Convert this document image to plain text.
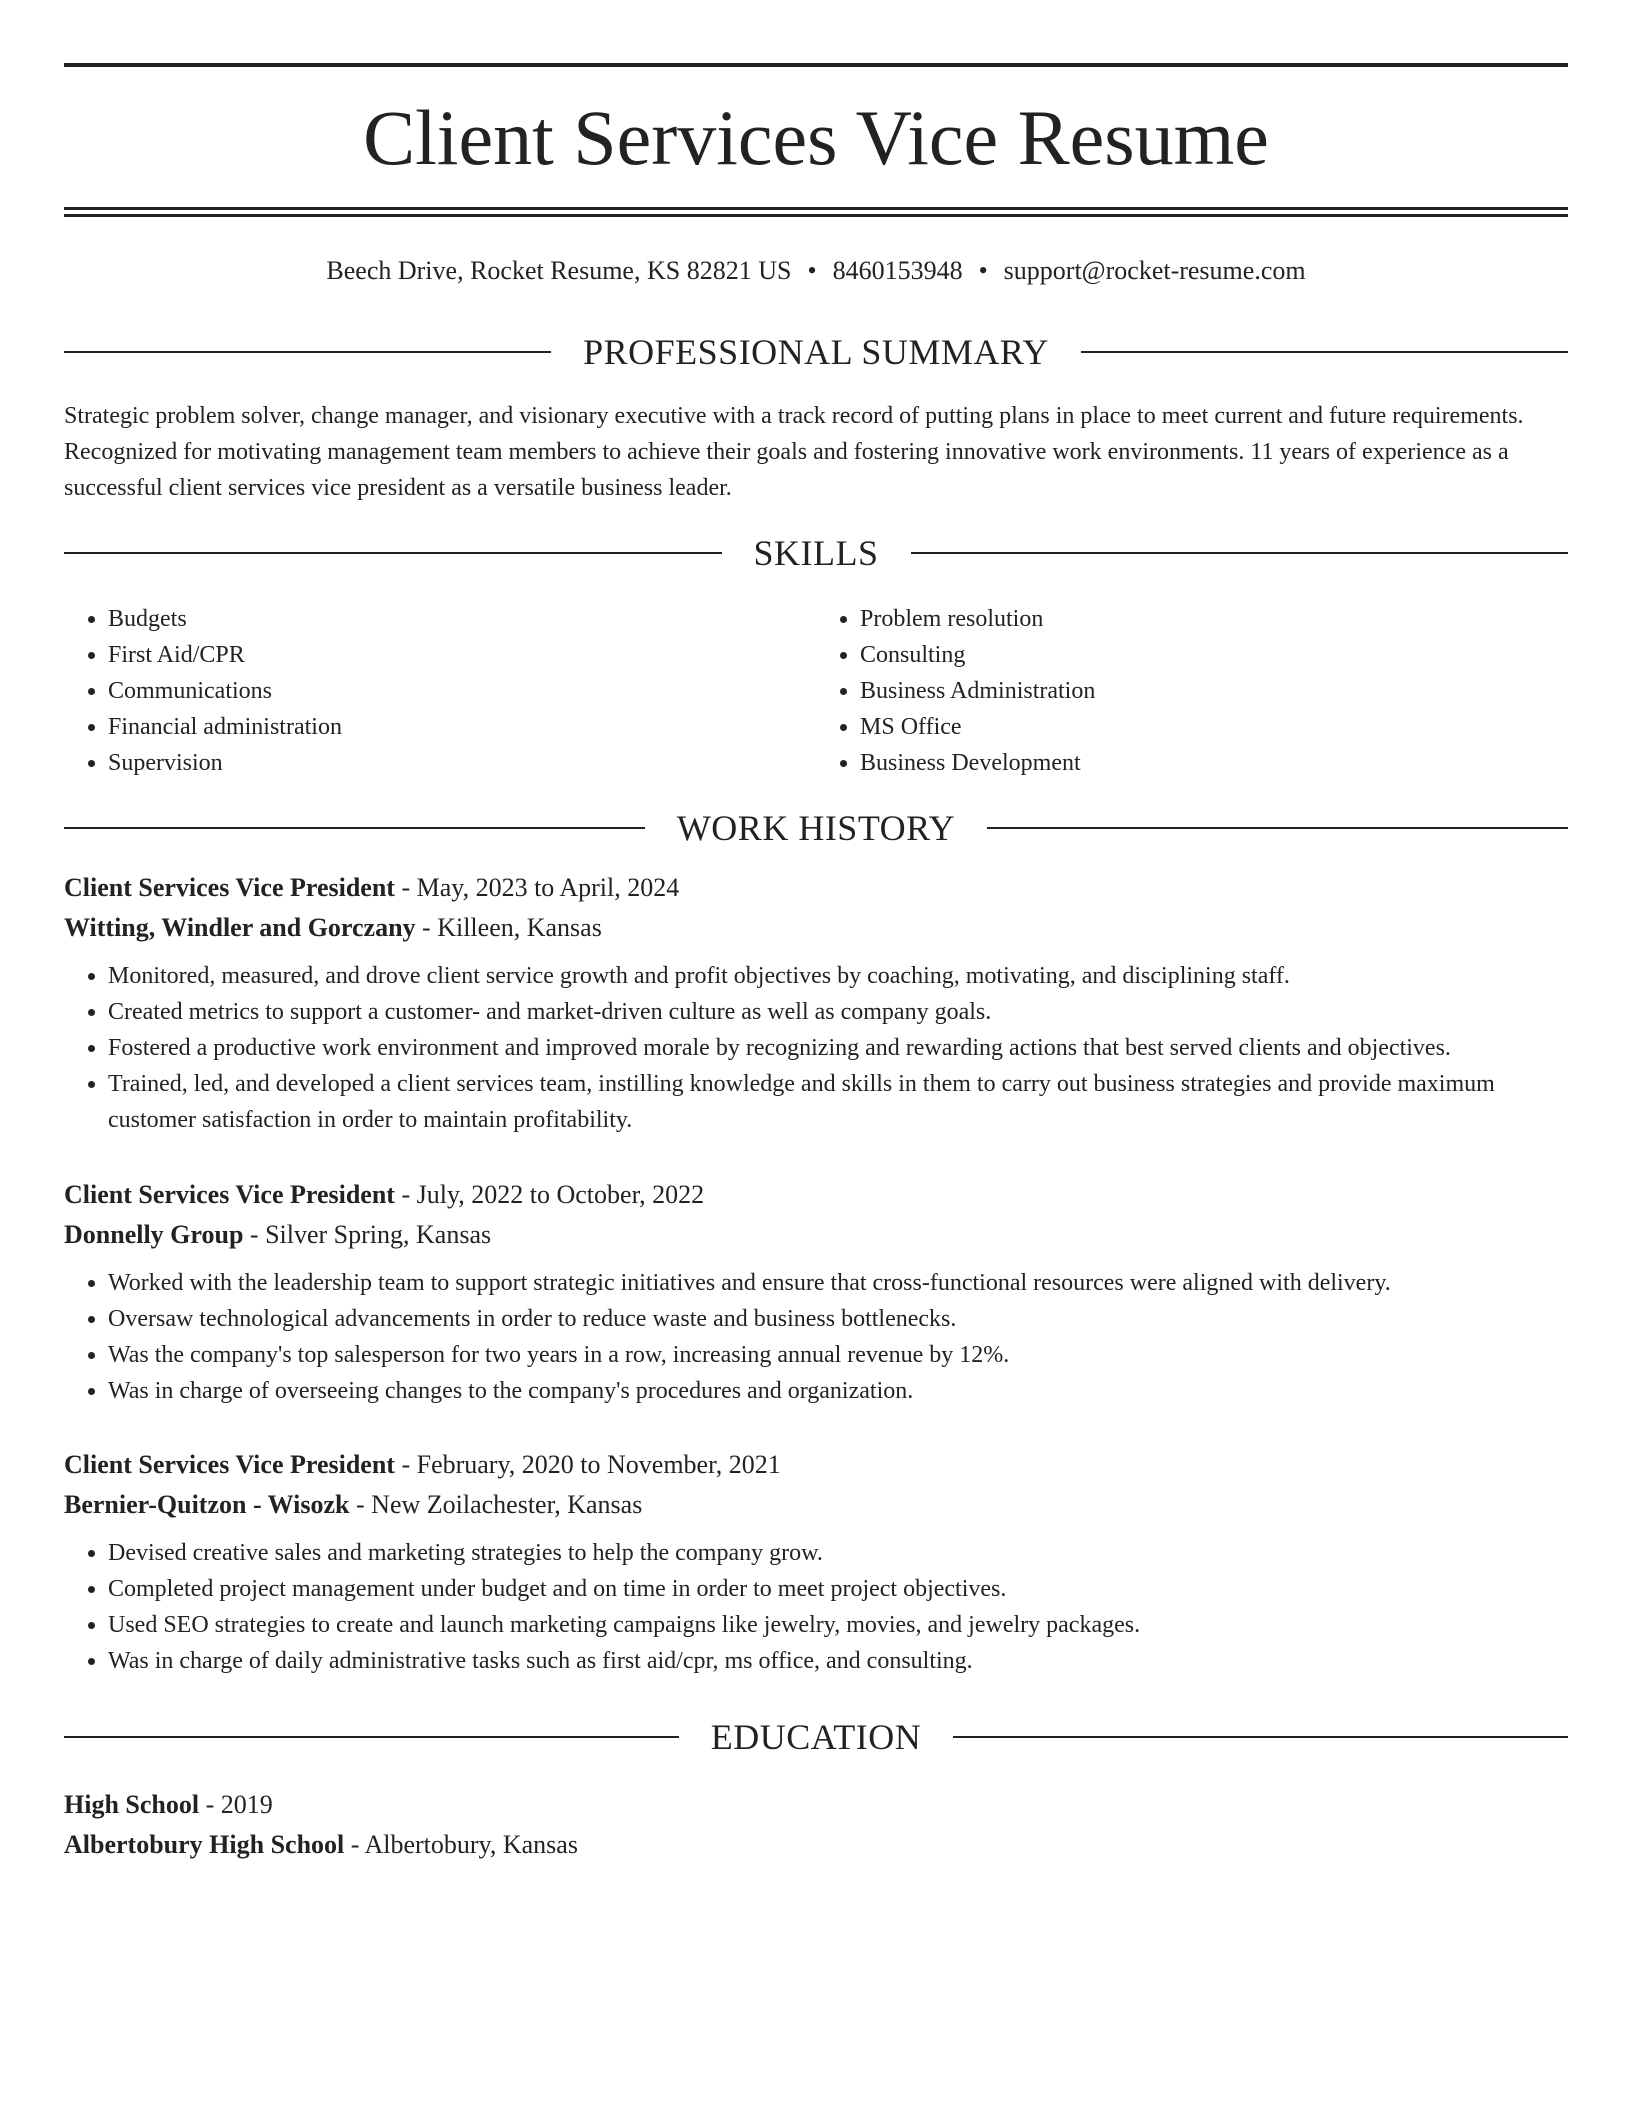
Client Services Vice Resume
Beech Drive, Rocket Resume, KS 82821 US • 8460153948 • support@rocket-resume.com
PROFESSIONAL SUMMARY

Strategic problem solver, change manager, and visionary executive with a track record of putting plans in place to meet current and future requirements. Recognized for motivating management team members to achieve their goals and fostering innovative work environments. 11 years of experience as a successful client services vice president as a versatile business leader.

SKILLS
• Budgets
• First Aid/CPR
• Communications
• Financial administration
• Supervision
• Problem resolution
• Consulting
• Business Administration
• MS Office
• Business Development
WORK HISTORY
Client Services Vice President - May, 2023 to April, 2024
Witting, Windler and Gorczany - Killeen, Kansas
• Monitored, measured, and drove client service growth and profit objectives by coaching, motivating, and disciplining staff.
• Created metrics to support a customer- and market-driven culture as well as company goals.
• Fostered a productive work environment and improved morale by recognizing and rewarding actions that best served clients and objectives.
• Trained, led, and developed a client services team, instilling knowledge and skills in them to carry out business strategies and provide maximum customer satisfaction in order to maintain profitability.
Client Services Vice President - July, 2022 to October, 2022
Donnelly Group - Silver Spring, Kansas
• Worked with the leadership team to support strategic initiatives and ensure that cross-functional resources were aligned with delivery.
• Oversaw technological advancements in order to reduce waste and business bottlenecks.
• Was the company's top salesperson for two years in a row, increasing annual revenue by 12%.
• Was in charge of overseeing changes to the company's procedures and organization.
Client Services Vice President - February, 2020 to November, 2021
Bernier-Quitzon - Wisozk - New Zoilachester, Kansas
• Devised creative sales and marketing strategies to help the company grow.
• Completed project management under budget and on time in order to meet project objectives.
• Used SEO strategies to create and launch marketing campaigns like jewelry, movies, and jewelry packages.
• Was in charge of daily administrative tasks such as first aid/cpr, ms office, and consulting.
EDUCATION
High School - 2019
Albertobury High School - Albertobury, Kansas
